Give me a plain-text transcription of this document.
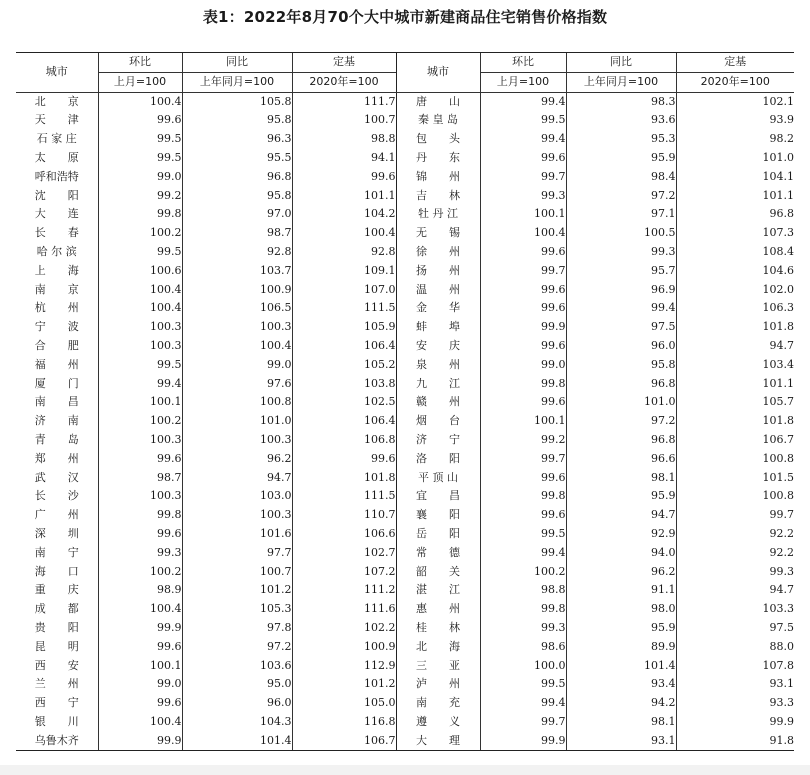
表1：2022年8月70个大中城市新建商品住宅销售价格指数
城市	环比	同比	定基	城市	环比	同比	定基
	上月=100	上年同月=100	2020年=100		上月=100	上年同月=100	2020年=100
北　　京	100.4	105.8	111.7	唐　　山	99.4	98.3	102.1
天　　津	99.6	95.8	100.7	秦 皇 岛	99.5	93.6	93.9
石 家 庄	99.5	96.3	98.8	包　　头	99.4	95.3	98.2
太　　原	99.5	95.5	94.1	丹　　东	99.6	95.9	101.0
呼和浩特	99.0	96.8	99.6	锦　　州	99.7	98.4	104.1
沈　　阳	99.2	95.8	101.1	吉　　林	99.3	97.2	101.1
大　　连	99.8	97.0	104.2	牡 丹 江	100.1	97.1	96.8
长　　春	100.2	98.7	100.4	无　　锡	100.4	100.5	107.3
哈 尔 滨	99.5	92.8	92.8	徐　　州	99.6	99.3	108.4
上　　海	100.6	103.7	109.1	扬　　州	99.7	95.7	104.6
南　　京	100.4	100.9	107.0	温　　州	99.6	96.9	102.0
杭　　州	100.4	106.5	111.5	金　　华	99.6	99.4	106.3
宁　　波	100.3	100.3	105.9	蚌　　埠	99.9	97.5	101.8
合　　肥	100.3	100.4	106.4	安　　庆	99.6	96.0	94.7
福　　州	99.5	99.0	105.2	泉　　州	99.0	95.8	103.4
厦　　门	99.4	97.6	103.8	九　　江	99.8	96.8	101.1
南　　昌	100.1	100.8	102.5	赣　　州	99.6	101.0	105.7
济　　南	100.2	101.0	106.4	烟　　台	100.1	97.2	101.8
青　　岛	100.3	100.3	106.8	济　　宁	99.2	96.8	106.7
郑　　州	99.6	96.2	99.6	洛　　阳	99.7	96.6	100.8
武　　汉	98.7	94.7	101.8	平 顶 山	99.6	98.1	101.5
长　　沙	100.3	103.0	111.5	宜　　昌	99.8	95.9	100.8
广　　州	99.8	100.3	110.7	襄　　阳	99.6	94.7	99.7
深　　圳	99.6	101.6	106.6	岳　　阳	99.5	92.9	92.2
南　　宁	99.3	97.7	102.7	常　　德	99.4	94.0	92.2
海　　口	100.2	100.7	107.2	韶　　关	100.2	96.2	99.3
重　　庆	98.9	101.2	111.2	湛　　江	98.8	91.1	94.7
成　　都	100.4	105.3	111.6	惠　　州	99.8	98.0	103.3
贵　　阳	99.9	97.8	102.2	桂　　林	99.3	95.9	97.5
昆　　明	99.6	97.2	100.9	北　　海	98.6	89.9	88.0
西　　安	100.1	103.6	112.9	三　　亚	100.0	101.4	107.8
兰　　州	99.0	95.0	101.2	泸　　州	99.5	93.4	93.1
西　　宁	99.6	96.0	105.0	南　　充	99.4	94.2	93.3
银　　川	100.4	104.3	116.8	遵　　义	99.7	98.1	99.9
乌鲁木齐	99.9	101.4	106.7	大　　理	99.9	93.1	91.8
